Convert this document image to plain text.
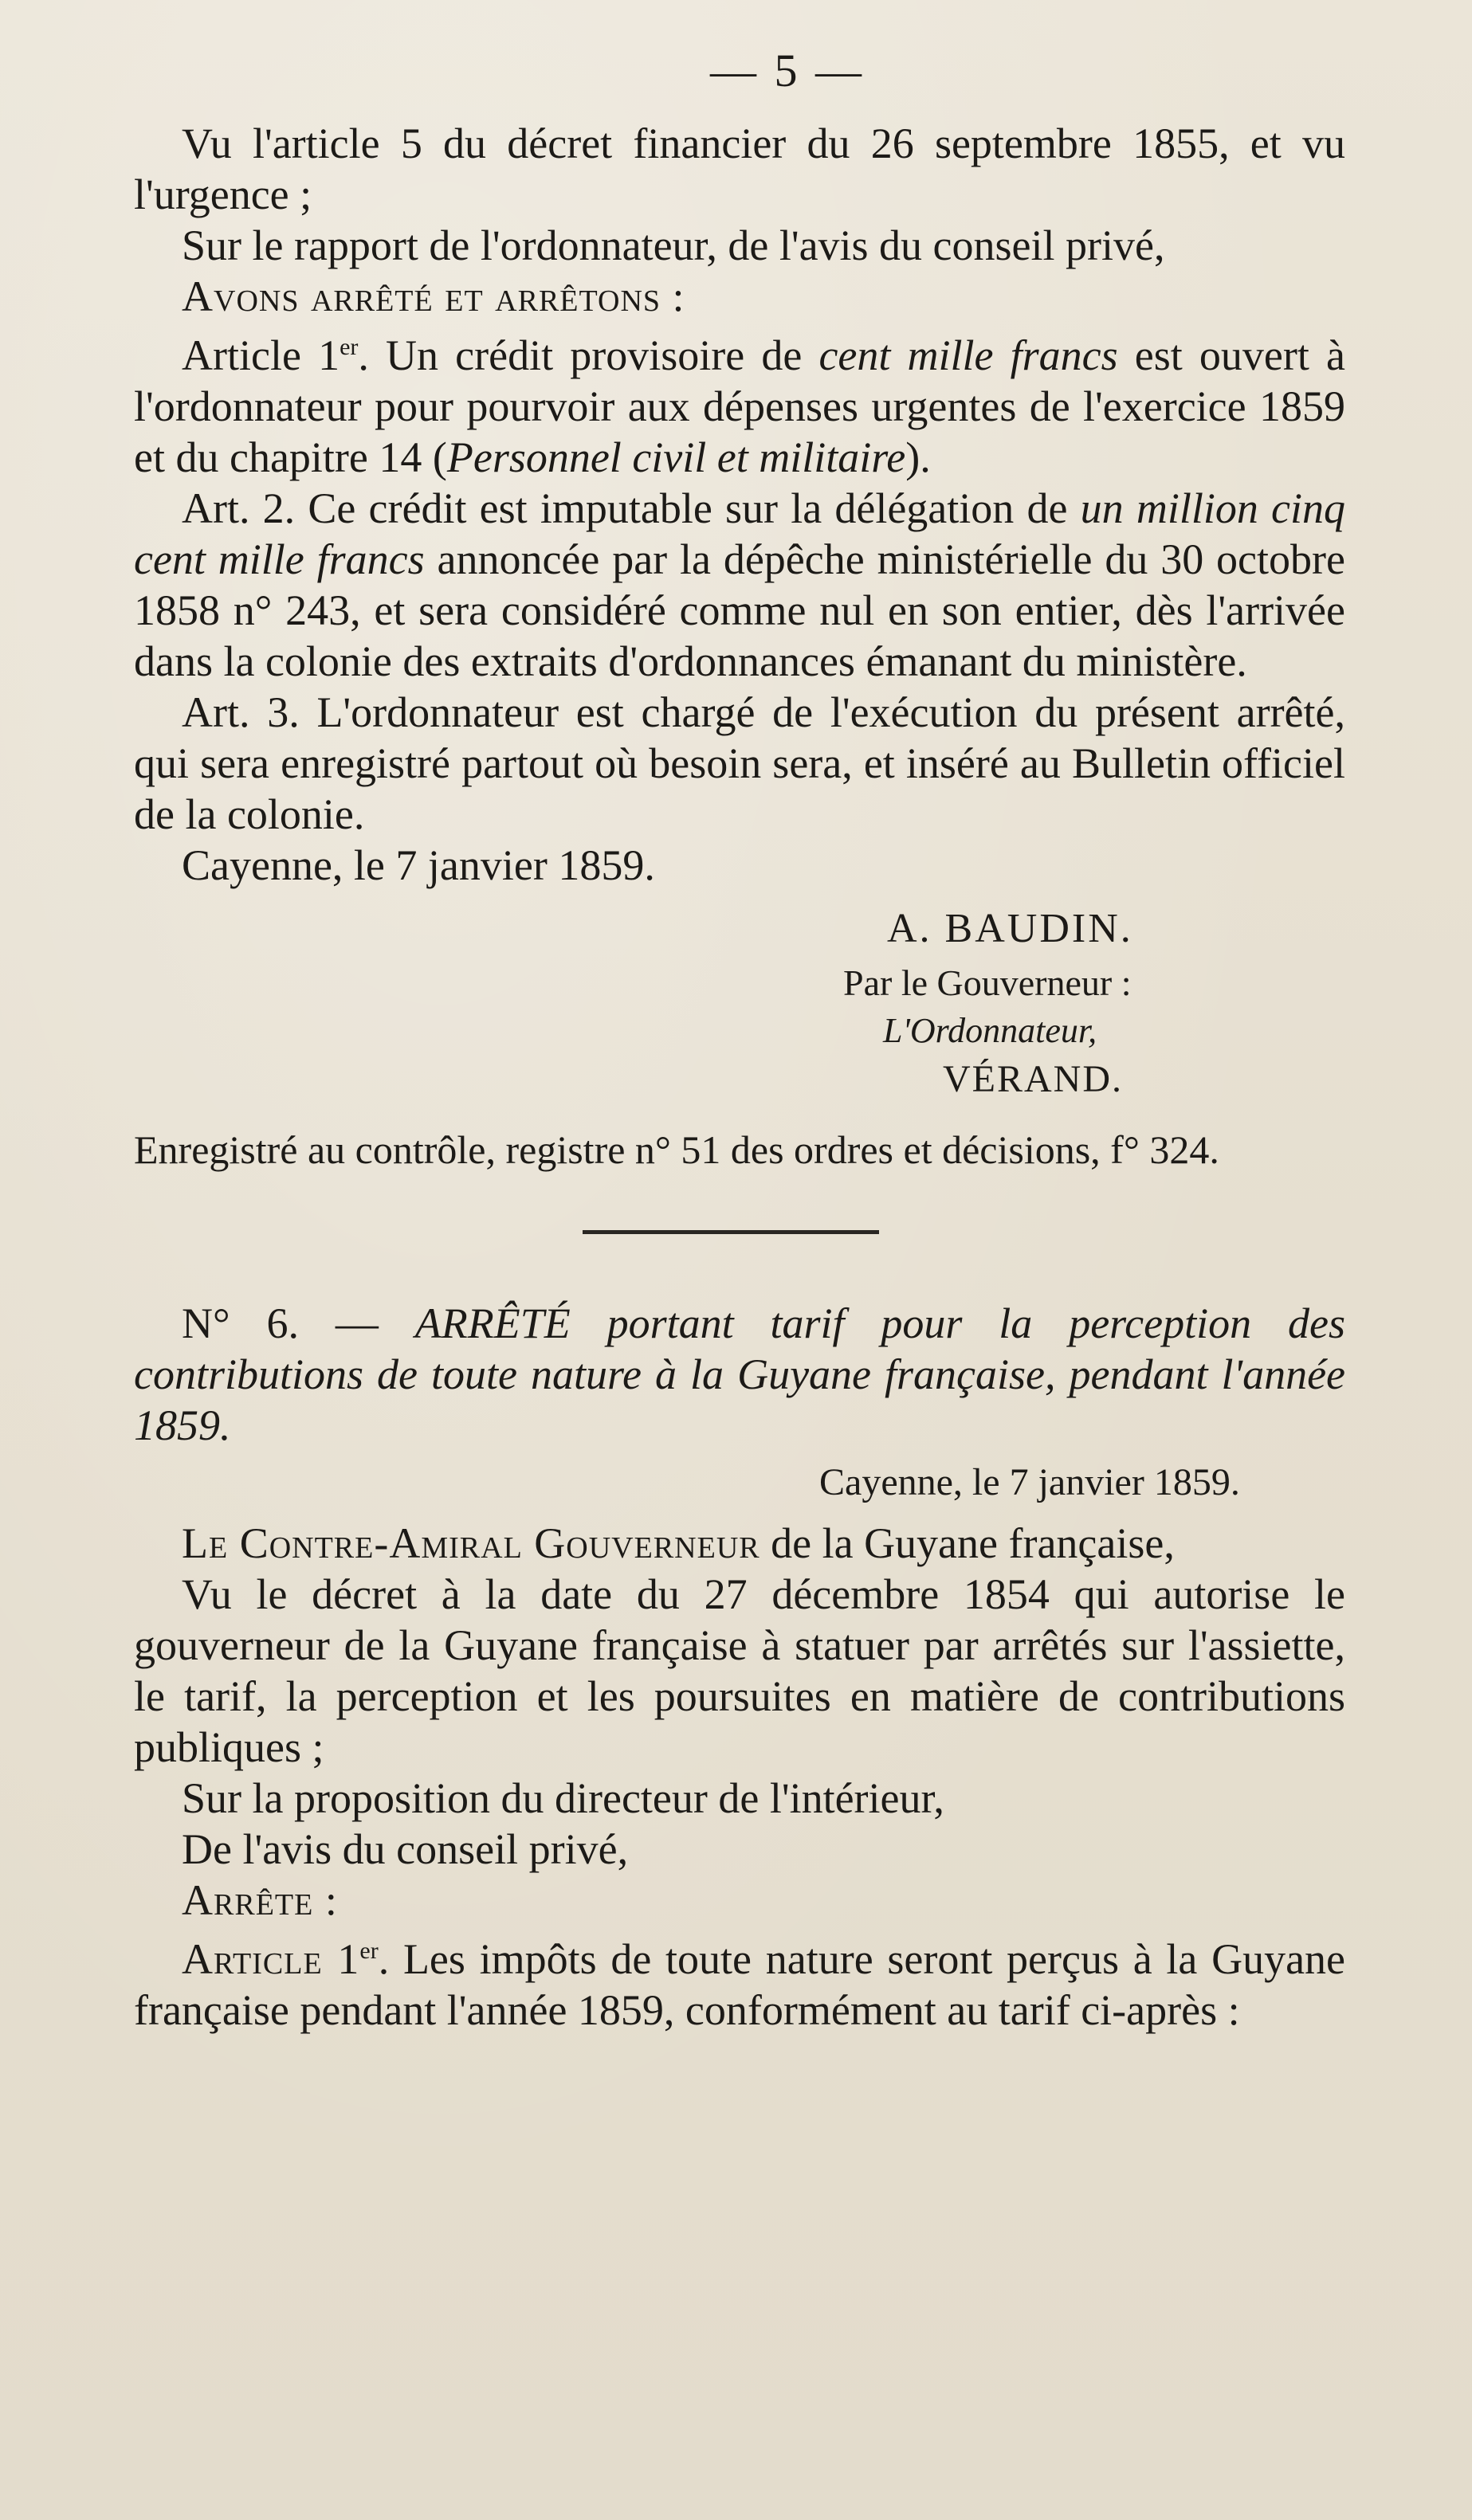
— 5 —

Vu l'article 5 du décret financier du 26 septembre 1855, et vu l'urgence ;

Sur le rapport de l'ordonnateur, de l'avis du conseil privé,

Avons arrêté et arrêtons :

Article 1er. Un crédit provisoire de cent mille francs est ouvert à l'ordonnateur pour pourvoir aux dépenses urgentes de l'exercice 1859 et du chapitre 14 (Personnel civil et militaire).

Art. 2. Ce crédit est imputable sur la délégation de un million cinq cent mille francs annoncée par la dépêche ministérielle du 30 octobre 1858 n° 243, et sera considéré comme nul en son entier, dès l'arrivée dans la colonie des extraits d'ordonnances émanant du ministère.

Art. 3. L'ordonnateur est chargé de l'exécution du présent arrêté, qui sera enregistré partout où besoin sera, et inséré au Bulletin officiel de la colonie.

Cayenne, le 7 janvier 1859.

A. BAUDIN.
Par le Gouverneur :
L'Ordonnateur,
VÉRAND.

Enregistré au contrôle, registre n° 51 des ordres et décisions, f° 324.

N° 6. — ARRÊTÉ portant tarif pour la perception des contributions de toute nature à la Guyane française, pendant l'année 1859.

Cayenne, le 7 janvier 1859.

Le Contre-Amiral Gouverneur de la Guyane française,

Vu le décret à la date du 27 décembre 1854 qui autorise le gouverneur de la Guyane française à statuer par arrêtés sur l'assiette, le tarif, la perception et les poursuites en matière de contributions publiques ;

Sur la proposition du directeur de l'intérieur,

De l'avis du conseil privé,

Arrête :

Article 1er. Les impôts de toute nature seront perçus à la Guyane française pendant l'année 1859, conformément au tarif ci-après :
